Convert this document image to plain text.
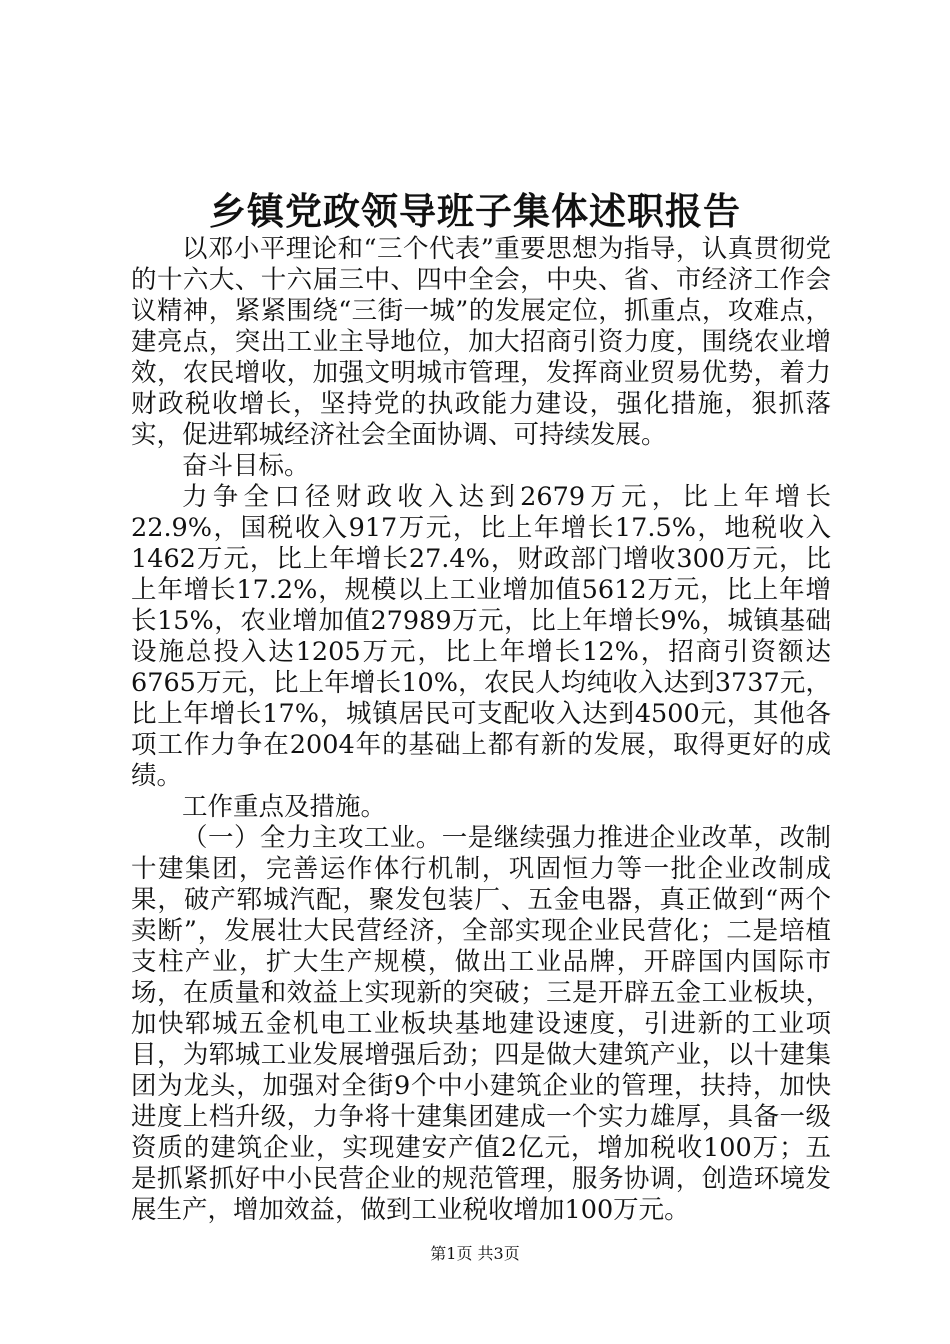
乡镇党政领导班子集体述职报告

以邓小平理论和“三个代表”重要思想为指导，认真贯彻党的十六大、十六届三中、四中全会，中央、省、市经济工作会议精神，紧紧围绕“三街一城”的发展定位，抓重点，攻难点，建亮点，突出工业主导地位，加大招商引资力度，围绕农业增效，农民增收，加强文明城市管理，发挥商业贸易优势，着力财政税收增长，坚持党的执政能力建设，强化措施，狠抓落实，促进郓城经济社会全面协调、可持续发展。

奋斗目标。

力争全口径财政收入达到2679万元，比上年增长22.9%，国税收入917万元，比上年增长17.5%，地税收入1462万元，比上年增长27.4%，财政部门增收300万元，比上年增长17.2%，规模以上工业增加值5612万元，比上年增长15%，农业增加值27989万元，比上年增长9%，城镇基础设施总投入达1205万元，比上年增长12%，招商引资额达6765万元，比上年增长10%，农民人均纯收入达到3737元，比上年增长17%，城镇居民可支配收入达到4500元，其他各项工作力争在2004年的基础上都有新的发展，取得更好的成绩。

工作重点及措施。

（一）全力主攻工业。一是继续强力推进企业改革，改制十建集团，完善运作体行机制，巩固恒力等一批企业改制成果，破产郓城汽配，聚发包装厂、五金电器，真正做到“两个卖断”，发展壮大民营经济，全部实现企业民营化；二是培植支柱产业，扩大生产规模，做出工业品牌，开辟国内国际市场，在质量和效益上实现新的突破；三是开辟五金工业板块，加快郓城五金机电工业板块基地建设速度，引进新的工业项目，为郓城工业发展增强后劲；四是做大建筑产业，以十建集团为龙头，加强对全街9个中小建筑企业的管理，扶持，加快进度上档升级，力争将十建集团建成一个实力雄厚，具备一级资质的建筑企业，实现建安产值2亿元，增加税收100万；五是抓紧抓好中小民营企业的规范管理，服务协调，创造环境发展生产，增加效益，做到工业税收增加100万元。

第1页 共3页
